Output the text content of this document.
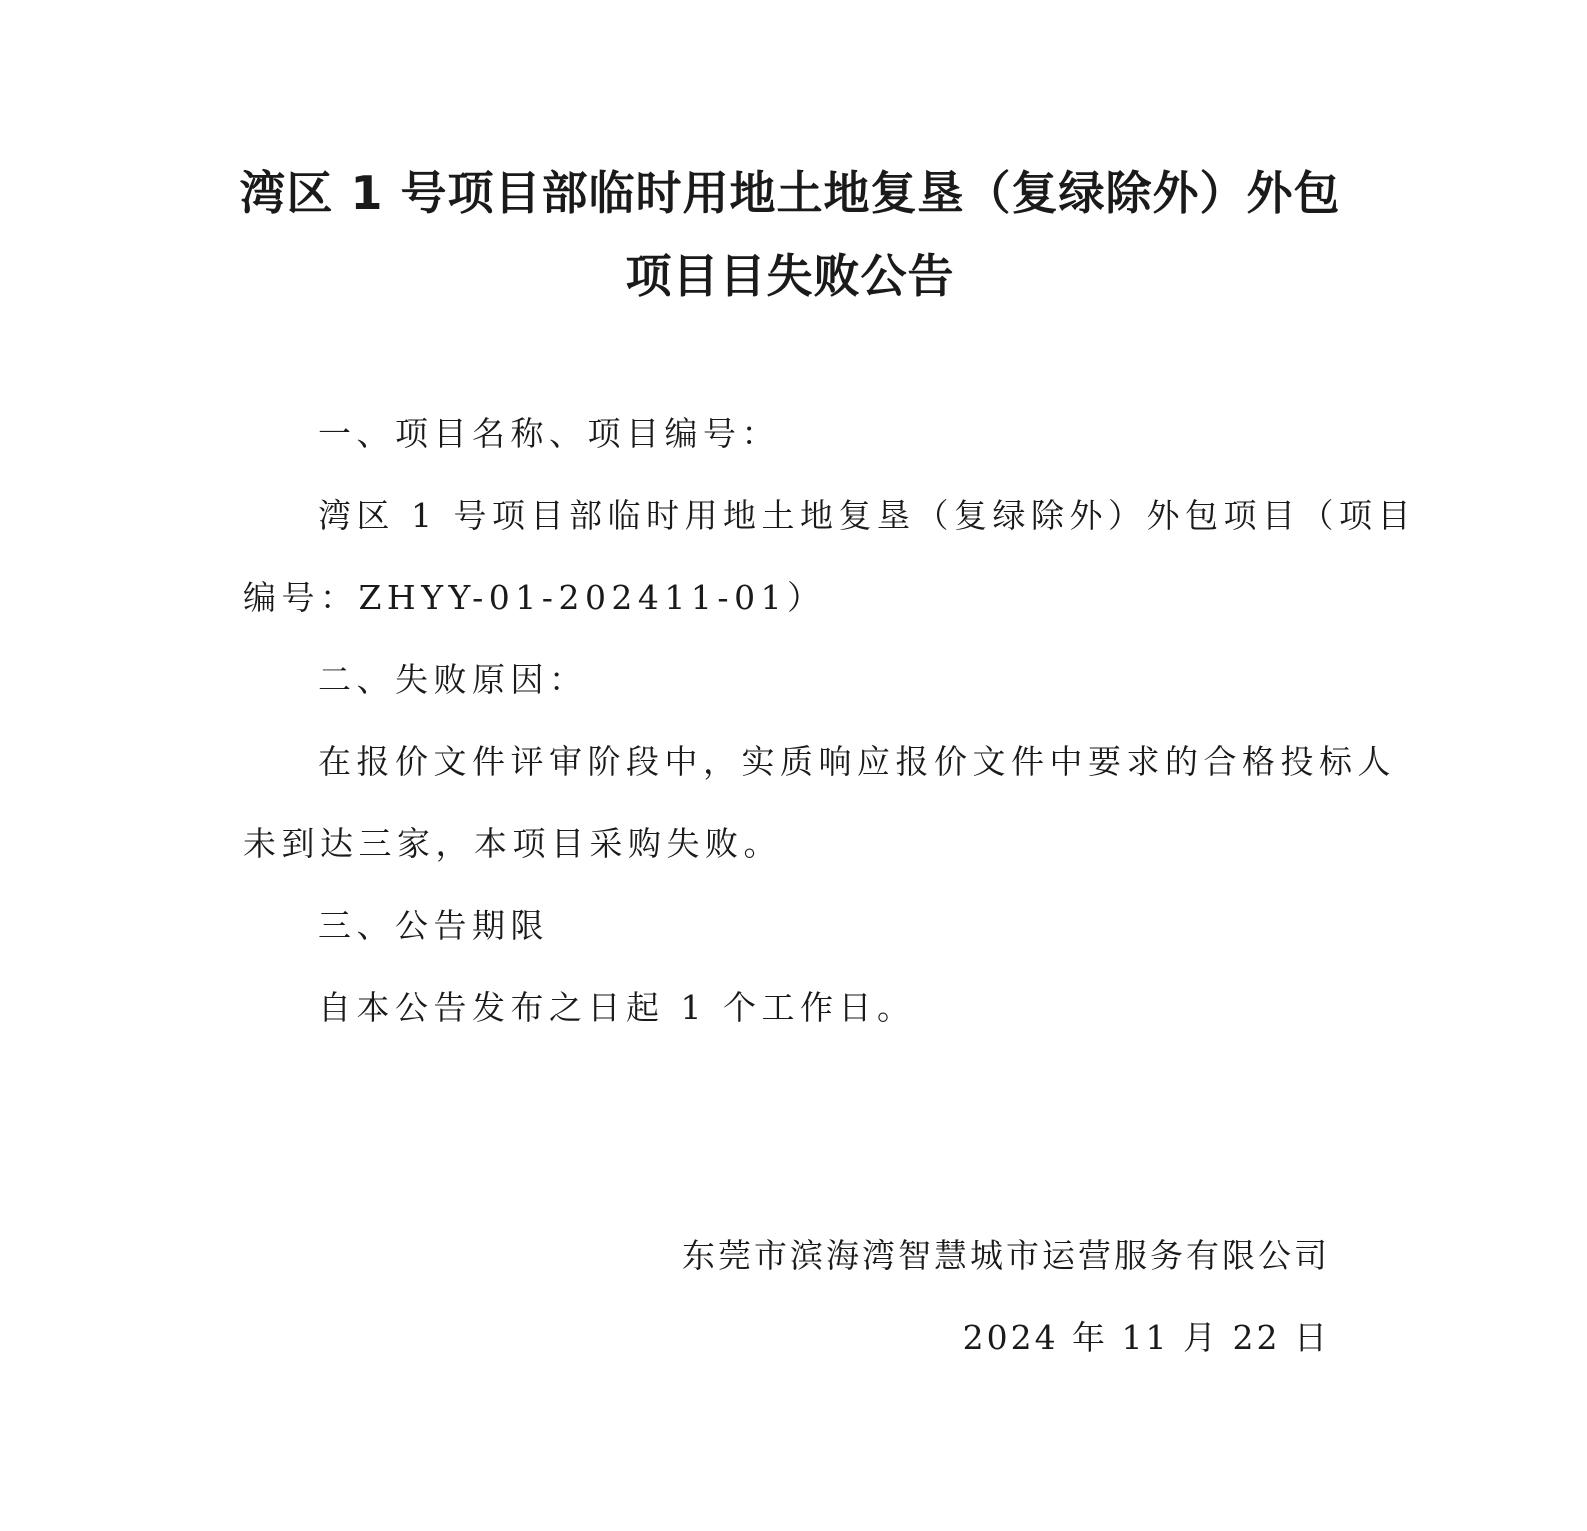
湾区 1 号项目部临时用地土地复垦（复绿除外）外包
项目目失败公告

一、项目名称、项目编号：

湾区 1 号项目部临时用地土地复垦（复绿除外）外包项目（项目

编号：ZHYY-01-202411-01）

二、失败原因：

在报价文件评审阶段中，实质响应报价文件中要求的合格投标人

未到达三家，本项目采购失败。

三、公告期限

自本公告发布之日起 1 个工作日。

东莞市滨海湾智慧城市运营服务有限公司

2024 年 11 月 22 日
